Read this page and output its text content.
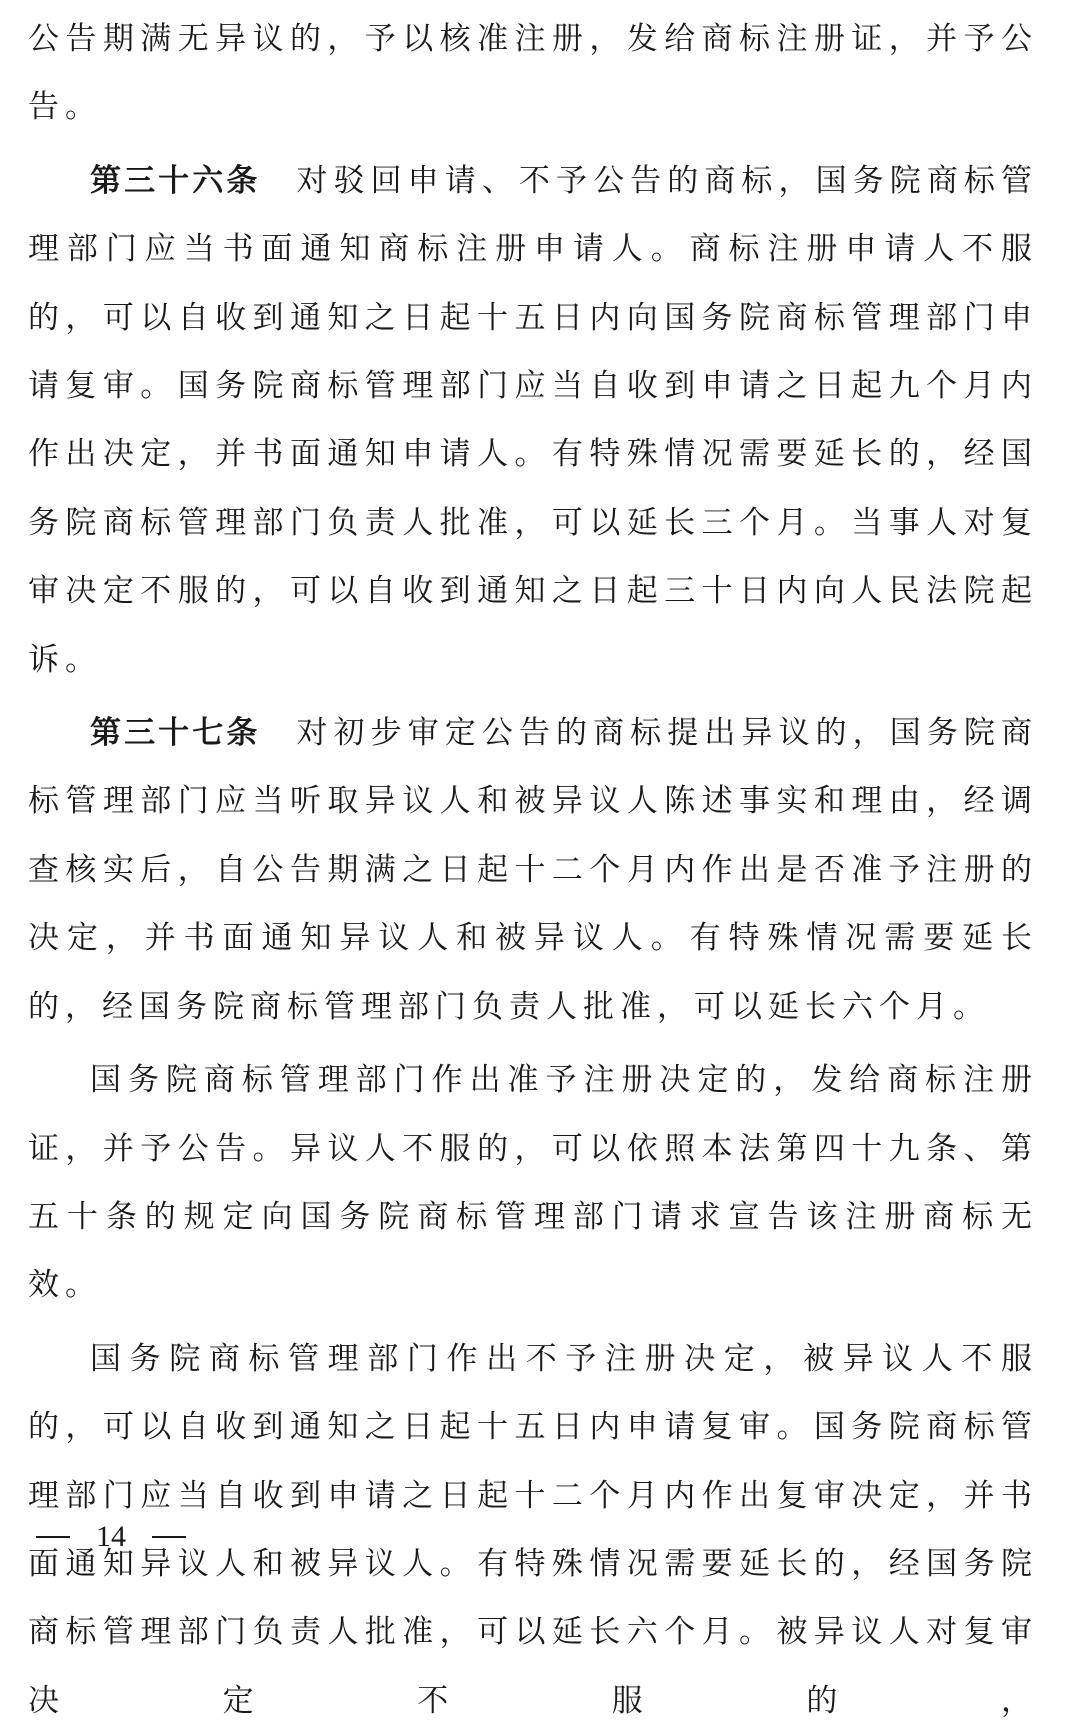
公告期满无异议的，予以核准注册，发给商标注册证，并予公告。

第三十六条 对驳回申请、不予公告的商标，国务院商标管理部门应当书面通知商标注册申请人。商标注册申请人不服的，可以自收到通知之日起十五日内向国务院商标管理部门申请复审。国务院商标管理部门应当自收到申请之日起九个月内作出决定，并书面通知申请人。有特殊情况需要延长的，经国务院商标管理部门负责人批准，可以延长三个月。当事人对复审决定不服的，可以自收到通知之日起三十日内向人民法院起诉。

第三十七条 对初步审定公告的商标提出异议的，国务院商标管理部门应当听取异议人和被异议人陈述事实和理由，经调查核实后，自公告期满之日起十二个月内作出是否准予注册的决定，并书面通知异议人和被异议人。有特殊情况需要延长的，经国务院商标管理部门负责人批准，可以延长六个月。

国务院商标管理部门作出准予注册决定的，发给商标注册证，并予公告。异议人不服的，可以依照本法第四十九条、第五十条的规定向国务院商标管理部门请求宣告该注册商标无效。

国务院商标管理部门作出不予注册决定，被异议人不服的，可以自收到通知之日起十五日内申请复审。国务院商标管理部门应当自收到申请之日起十二个月内作出复审决定，并书面通知异议人和被异议人。有特殊情况需要延长的，经国务院商标管理部门负责人批准，可以延长六个月。被异议人对复审决定不服的，

14
